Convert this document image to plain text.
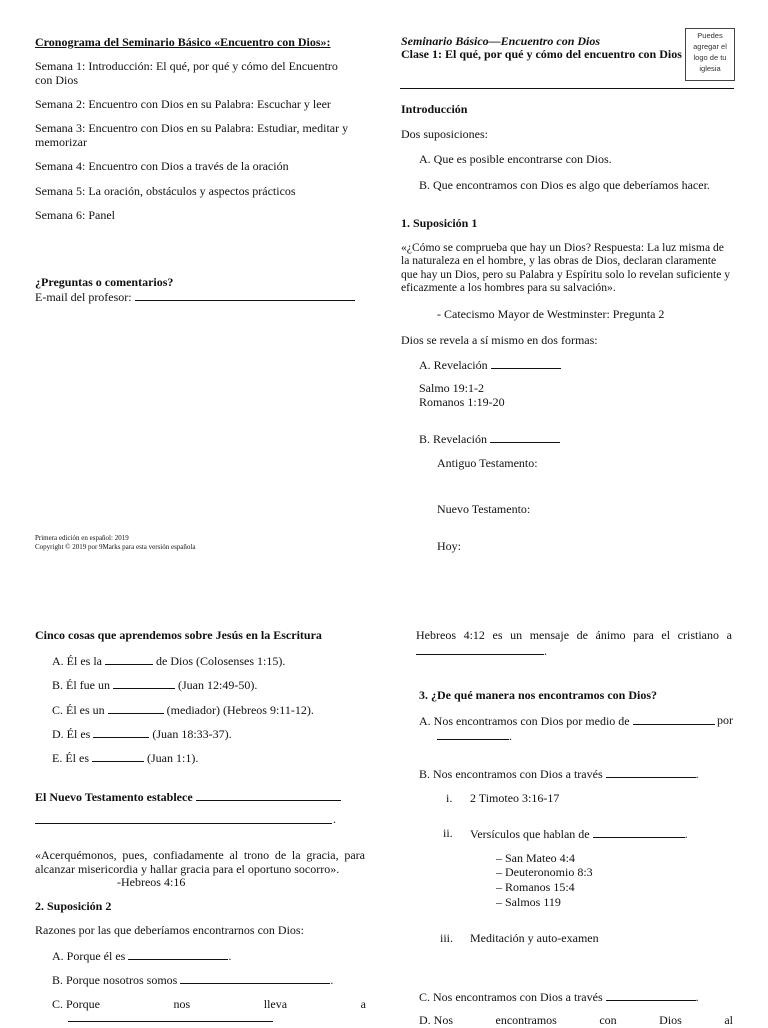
Cronograma del Seminario Básico «Encuentro con Dios»:

Semana 1: Introducción: El qué, por qué y cómo del Encuentro con Dios

Semana 2: Encuentro con Dios en su Palabra: Escuchar y leer

Semana 3: Encuentro con Dios en su Palabra: Estudiar, meditar y memorizar

Semana 4: Encuentro con Dios a través de la oración

Semana 5: La oración, obstáculos y aspectos prácticos

Semana 6: Panel

¿Preguntas o comentarios?

E-mail del profesor:

Primera edición en español: 2019

Copyright © 2019 por 9Marks para esta versión española

Seminario Básico—Encuentro con Dios

Clase 1: El qué, por qué y cómo del encuentro con Dios

Puedes
agregar el
logo de tu
iglesia

Introducción

Dos suposiciones:

A. Que es posible encontrarse con Dios.

B. Que encontramos con Dios es algo que deberíamos hacer.

1. Suposición 1

«¿Cómo se comprueba que hay un Dios? Respuesta: La luz misma de la naturaleza en el hombre, y las obras de Dios, declaran claramente que hay un Dios, pero su Palabra y Espíritu solo lo revelan suficiente y eficazmente a los hombres para su salvación».

- Catecismo Mayor de Westminster: Pregunta 2

Dios se revela a sí mismo en dos formas:

A. Revelación

Salmo 19:1-2

Romanos 1:19-20

B. Revelación

Antiguo Testamento:

Nuevo Testamento:

Hoy:

Cinco cosas que aprendemos sobre Jesús en la Escritura

A. Él es la	de Dios (Colosenses 1:15).

B. Él fue un	(Juan 12:49-50).

C. Él es un	(mediador) (Hebreos 9:11-12).

D. Él es	(Juan 18:33-37).

E. Él es	(Juan 1:1).

El Nuevo Testamento establece

.

«Acerquémonos, pues, confiadamente al trono de la gracia, para alcanzar misericordia y hallar gracia para el oportuno socorro».

-Hebreos 4:16

2. Suposición 2

Razones por las que deberíamos encontrarnos con Dios:

A. Porque él es	.

B. Porque nosotros somos	.

C. Porque	nos	lleva	a
Hebreos 4:12 es un mensaje de ánimo para el cristiano a

.

3. ¿De qué manera nos encontramos con Dios?

A. Nos encontramos con Dios por medio de	por

.

B. Nos encontramos con Dios a través	.

i. 2 Timoteo 3:16-17

ii. Versículos que hablan de	.

– San Mateo 4:4

– Deuteronomio 8:3

– Romanos 15:4

– Salmos 119

iii. Meditación y auto-examen

C. Nos encontramos con Dios a través	.

D. Nos	encontramos	con	Dios	al
